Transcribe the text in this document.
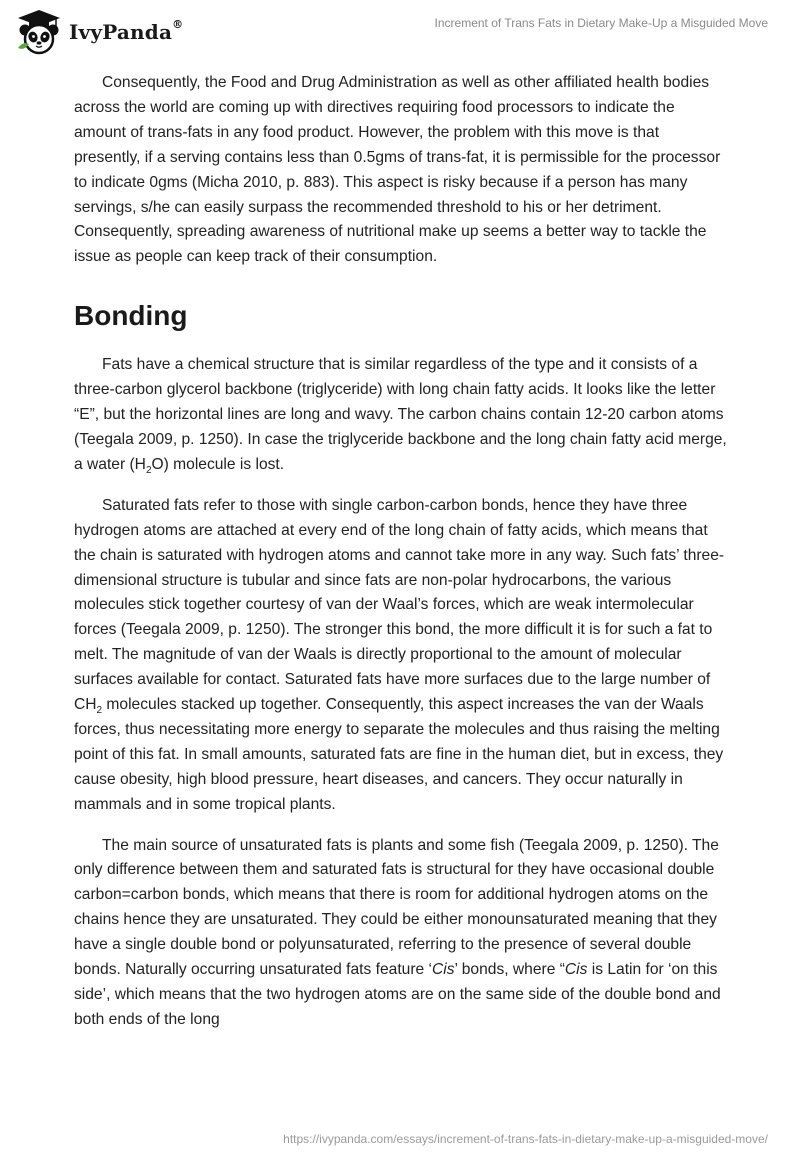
IvyPanda®	Increment of Trans Fats in Dietary Make-Up a Misguided Move

Consequently, the Food and Drug Administration as well as other affiliated health bodies across the world are coming up with directives requiring food processors to indicate the amount of trans-fats in any food product. However, the problem with this move is that presently, if a serving contains less than 0.5gms of trans-fat, it is permissible for the processor to indicate 0gms (Micha 2010, p. 883). This aspect is risky because if a person has many servings, s/he can easily surpass the recommended threshold to his or her detriment. Consequently, spreading awareness of nutritional make up seems a better way to tackle the issue as people can keep track of their consumption.

Bonding

Fats have a chemical structure that is similar regardless of the type and it consists of a three-carbon glycerol backbone (triglyceride) with long chain fatty acids. It looks like the letter “E”, but the horizontal lines are long and wavy. The carbon chains contain 12-20 carbon atoms (Teegala 2009, p. 1250). In case the triglyceride backbone and the long chain fatty acid merge, a water $(H_2O)$ molecule is lost.

Saturated fats refer to those with single carbon-carbon bonds, hence they have three hydrogen atoms are attached at every end of the long chain of fatty acids, which means that the chain is saturated with hydrogen atoms and cannot take more in any way. Such fats’ three-dimensional structure is tubular and since fats are non-polar hydrocarbons, the various molecules stick together courtesy of van der Waal’s forces, which are weak intermolecular forces (Teegala 2009, p. 1250). The stronger this bond, the more difficult it is for such a fat to melt. The magnitude of van der Waals is directly proportional to the amount of molecular surfaces available for contact. Saturated fats have more surfaces due to the large number of $CH_2$ molecules stacked up together. Consequently, this aspect increases the van der Waals forces, thus necessitating more energy to separate the molecules and thus raising the melting point of this fat. In small amounts, saturated fats are fine in the human diet, but in excess, they cause obesity, high blood pressure, heart diseases, and cancers. They occur naturally in mammals and in some tropical plants.

The main source of unsaturated fats is plants and some fish (Teegala 2009, p. 1250). The only difference between them and saturated fats is structural for they have occasional double carbon=carbon bonds, which means that there is room for additional hydrogen atoms on the chains hence they are unsaturated. They could be either monounsaturated meaning that they have a single double bond or polyunsaturated, referring to the presence of several double bonds. Naturally occurring unsaturated fats feature ‘Cis’ bonds, where “Cis is Latin for ‘on this side’, which means that the two hydrogen atoms are on the same side of the double bond and both ends of the long

https://ivypanda.com/essays/increment-of-trans-fats-in-dietary-make-up-a-misguided-move/
